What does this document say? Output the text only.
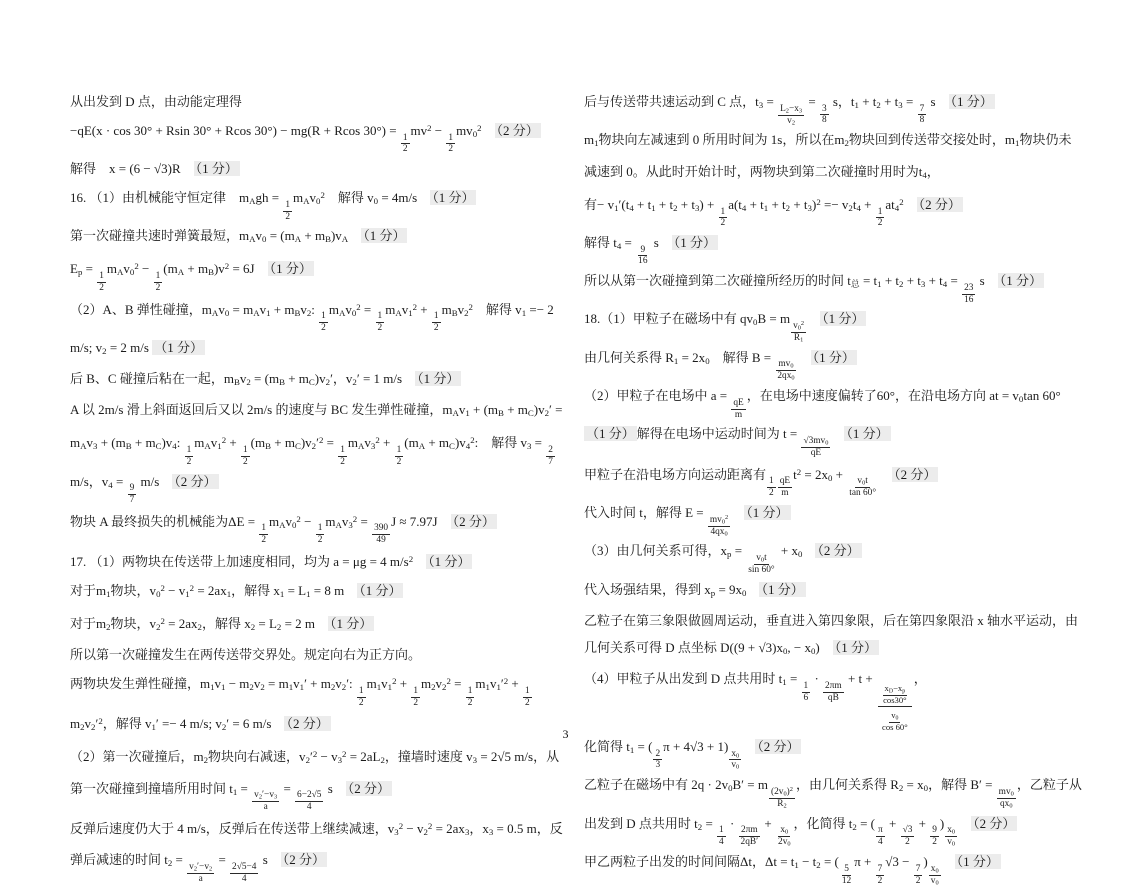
从出发到 D 点，由动能定理得

−qE(x · cos 30° + Rsin 30° + Rcos 30°) − mg(R + Rcos 30°) =
$\frac{1}{2}$
$mv^2$ −
$\frac{1}{2}$
$mv_0^2$　 （2 分）

解得　x = (6 − √3)R　（1 分）

16. （1）由机械能守恒定律　$m_Agh$ =
$\frac{1}{2}$
$m_Av_0^2$　解得 $v_0 = 4m/s$　（1 分）

第一次碰撞共速时弹簧最短，$m_Av_0 = (m_A + m_B)v_A$　 （1 分）

$E_p$ =
$\frac{1}{2}$
$m_Av_0^2$ −
$\frac{1}{2}$
$(m_A + m_B)v^2 = 6J$　（1 分）

（2）A、B 弹性碰撞，$m_Av_0 = m_Av_1 + m_Bv_2$:
$\frac{1}{2}$
$m_Av_0^2$ =
$\frac{1}{2}$
$m_Av_1^2$ +
$\frac{1}{2}$
$m_Bv_2^2$　解得 $v_1 =- 2$ m/s; $v_2 = 2$ m/s （1 分）

后 B、C 碰撞后粘在一起，$m_Bv_2 = (m_B + m_C)v_2'$，$v_2' = 1$ m/s　（1 分）

A 以 2m/s 滑上斜面返回后又以 2m/s 的速度与 BC 发生弹性碰撞，$m_Av_1 + (m_B + m_C)v_2' = m_Av_3 + (m_B + m_C)v_4$:
$\frac{1}{2}$
$m_Av_1^2$ +
$\frac{1}{2}$
$(m_B + m_C)v_2'^2$ =
$\frac{1}{2}$
$m_Av_3^2$ +
$\frac{1}{2}$
$(m_A + m_C)v_4^2$:　解得 $v_3$ =
$\frac{2}{7}$
m/s，$v_4$ =
$\frac{9}{7}$
m/s　（2 分）

物块 A 最终损失的机械能为ΔE =
$\frac{1}{2}$
$m_Av_0^2$ −
$\frac{1}{2}$
$m_Av_3^2$ =
$\frac{390}{49}$
J ≈ 7.97J　（2 分）

17. （1）两物块在传送带上加速度相同，均为 a = μg = 4 $m/s^2$　 （1 分）

对于$m_1$物块，$v_0^2 - v_1^2 = 2ax_1$，解得 $x_1 = L_1 = 8$ m　（1 分）

对于$m_2$物块，$v_2^2 = 2ax_2$，解得 $x_2 = L_2 = 2$ m　（1 分）

所以第一次碰撞发生在两传送带交界处。规定向右为正方向。

两物块发生弹性碰撞，$m_1v_1 - m_2v_2 = m_1v_1' + m_2v_2'$:
$\frac{1}{2}$
$m_1v_1^2$ +
$\frac{1}{2}$
$m_2v_2^2$ =
$\frac{1}{2}$
$m_1v_1'^2$ +
$\frac{1}{2}$
$m_2v_2'^2$，解得 $v_1' =- 4$ m/s; $v_2' = 6$ m/s　（2 分）

（2）第一次碰撞后，$m_2$物块向右减速，$v_2'^2 - v_3^2 = 2aL_2$，撞墙时速度 $v_3 = 2√5$ m/s，从第一次碰撞到撞墙所用时间 $t_1$ =
$\frac{v_2'-v_3}{a}$
=
$\frac{6-2√5}{4}$
s　（2 分）

反弹后速度仍大于 4 m/s，反弹后在传送带上继续减速，$v_3^2 - v_2^2 = 2ax_3$，$x_3 = 0.5$ m，反弹后减速的时间 $t_2$ =
$\frac{v_2'-v_2}{a}$
=
$\frac{2√5-4}{4}$
s　（2 分）

后与传送带共速运动到 C 点，$t_3$ =
$\frac{L_2-x_3}{v_2}$
=
$\frac{3}{8}$
s，$t_1 + t_2 + t_3$ =
$\frac{7}{8}$
s　（1 分）

$m_1$物块向左减速到 0 所用时间为 1s，所以在$m_2$物块回到传送带交接处时，$m_1$物块仍未减速到 0。从此时开始计时，两物块到第二次碰撞时用时为$t_4$，

有− $v_1'(t_4 + t_1 + t_2 + t_3)$ +
$\frac{1}{2}$
$a(t_4 + t_1 + t_2 + t_3)^2 =- v_2t_4$ +
$\frac{1}{2}$
$at_4^2$　 （2 分）

解得 $t_4$ =
$\frac{9}{16}$
s　（1 分）

所以从第一次碰撞到第二次碰撞所经历的时间 $t_总 = t_1 + t_2 + t_3 + t_4$ =
$\frac{23}{16}$
s　（1 分）

18.（1）甲粒子在磁场中有 $qv_0B = m$
$\frac{v_0^2}{R_1}$
　（1 分）

由几何关系得 $R_1 = 2x_0$　解得 B =
$\frac{mv_0}{2qx_0}$
　（1 分）

（2）甲粒子在电场中 a =
$\frac{qE}{m}$
，在电场中速度偏转了60°，在沿电场方向 at = $v_0\tan$ 60°　（1 分） 解得在电场中运动时间为 t =
$\frac{√3mv_0}{qE}$
　（1 分）

甲粒子在沿电场方向运动距离有
$\frac{1}{2} \frac{qE}{m}$
$t^2 = 2x_0$ +
$\frac{v_0t}{\tan 60^\circ}$
　（2 分）

代入时间 t，解得 E =
$\frac{mv_0^2}{4qx_0}$
　（1 分）

（3）由几何关系可得，$x_p$ =
$\frac{v_0t}{\sin 60^\circ}$
+ $x_0$　 （2 分）

代入场强结果，得到 $x_p = 9x_0$　 （1 分）

乙粒子在第三象限做圆周运动，垂直进入第四象限，后在第四象限沿 x 轴水平运动，由几何关系可得 D 点坐标 $D((9 + √3)x_0$, − $x_0$)　（1 分）

（4）甲粒子从出发到 D 点共用时 $t_1$ =
$\frac{1}{6}$
·
$\frac{2\pi m}{qB}$
+ t +
$\frac{\frac{x_D-x_p}{\cos 30^\circ}}{\frac{v_0}{\cos 60^\circ}}$
，

化简得 $t_1$ = (
$\frac{2}{3}$
π + 4√3 + 1)
$\frac{x_0}{v_0}$
　（2 分）

乙粒子在磁场中有 $2q \cdot 2v_0B' = m$
$\frac{(2v_0)^2}{R_2}$
，由几何关系得 $R_2 = x_0$，解得 B′ =
$\frac{mv_0}{qx_0}$
，乙粒子从出发到 D 点共用时 $t_2$ =
$\frac{1}{4}$
·
$\frac{2\pi m}{2qB'}$
+
$\frac{x_0}{2v_0}$
，化简得 $t_2$ = (
$\frac{\pi}{4}$
+
$\frac{√3}{2}$
+
$\frac{9}{2}$
)
$\frac{x_0}{v_0}$
　（2 分）

甲乙两粒子出发的时间间隔Δt，$\Delta t = t_1 - t_2$ = (
$\frac{5}{12}$
π +
$\frac{7}{2}$
√3 −
$\frac{7}{2}$
)
$\frac{x_0}{v_0}$
　（1 分）

3
